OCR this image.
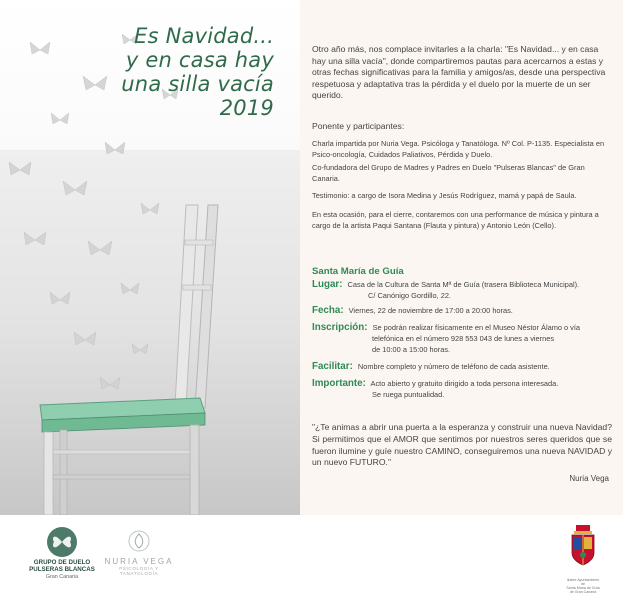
Es Navidad...
y en casa hay
una silla vacía
2019

Otro año más, nos complace invitarles a la charla: "Es Navidad... y en casa hay una silla vacía", donde compartiremos pautas para acercarnos a estas y otras fechas significativas para la familia y amigos/as, desde una perspectiva respetuosa y adaptativa tras la pérdida y el duelo por la muerte de un ser querido.

Ponente y participantes:

Charla impartida por Nuria Vega. Psicóloga y Tanatóloga. Nº Col. P-1135. Especialista en Psico-oncología, Cuidados Paliativos, Pérdida y Duelo.

Co-fundadora del Grupo de Madres y Padres en Duelo "Pulseras Blancas" de Gran Canaria.

Testimonio: a cargo de Isora Medina y Jesús Rodríguez, mamá y papá de Saula.

En esta ocasión, para el cierre, contaremos con una performance de música y pintura a cargo de la artista Paqui Santana (Flauta y pintura) y Antonio León (Cello).

Santa María de Guía
Lugar: Casa de la Cultura de Santa Mª de Guía (trasera Biblioteca Municipal).
C/ Canónigo Gordillo, 22.
Fecha: Viernes, 22 de noviembre de 17:00 a 20:00 horas.
Inscripción: Se podrán realizar físicamente en el Museo Néstor Álamo o vía
telefónica en el número 928 553 043 de lunes a viernes
de 10:00 a 15:00 horas.
Facilitar: Nombre completo y número de teléfono de cada asistente.
Importante: Acto abierto y gratuito dirigido a toda persona interesada.
Se ruega puntualidad.

"¿Te animas a abrir una puerta a la esperanza y construir una nueva Navidad? Si permitimos que el AMOR que sentimos por nuestros seres queridos que se fueron ilumine y guíe nuestro CAMINO, conseguiremos una nueva NAVIDAD y un nuevo FUTURO."

Nuria Vega
GRUPO DE DUELO
PULSERAS BLANCAS
Gran Canaria
NURIA VEGA
PSICOLOGÍA Y TANATOLOGÍA
Ilustre Ayuntamiento de
Santa María de Guía de Gran Canaria
